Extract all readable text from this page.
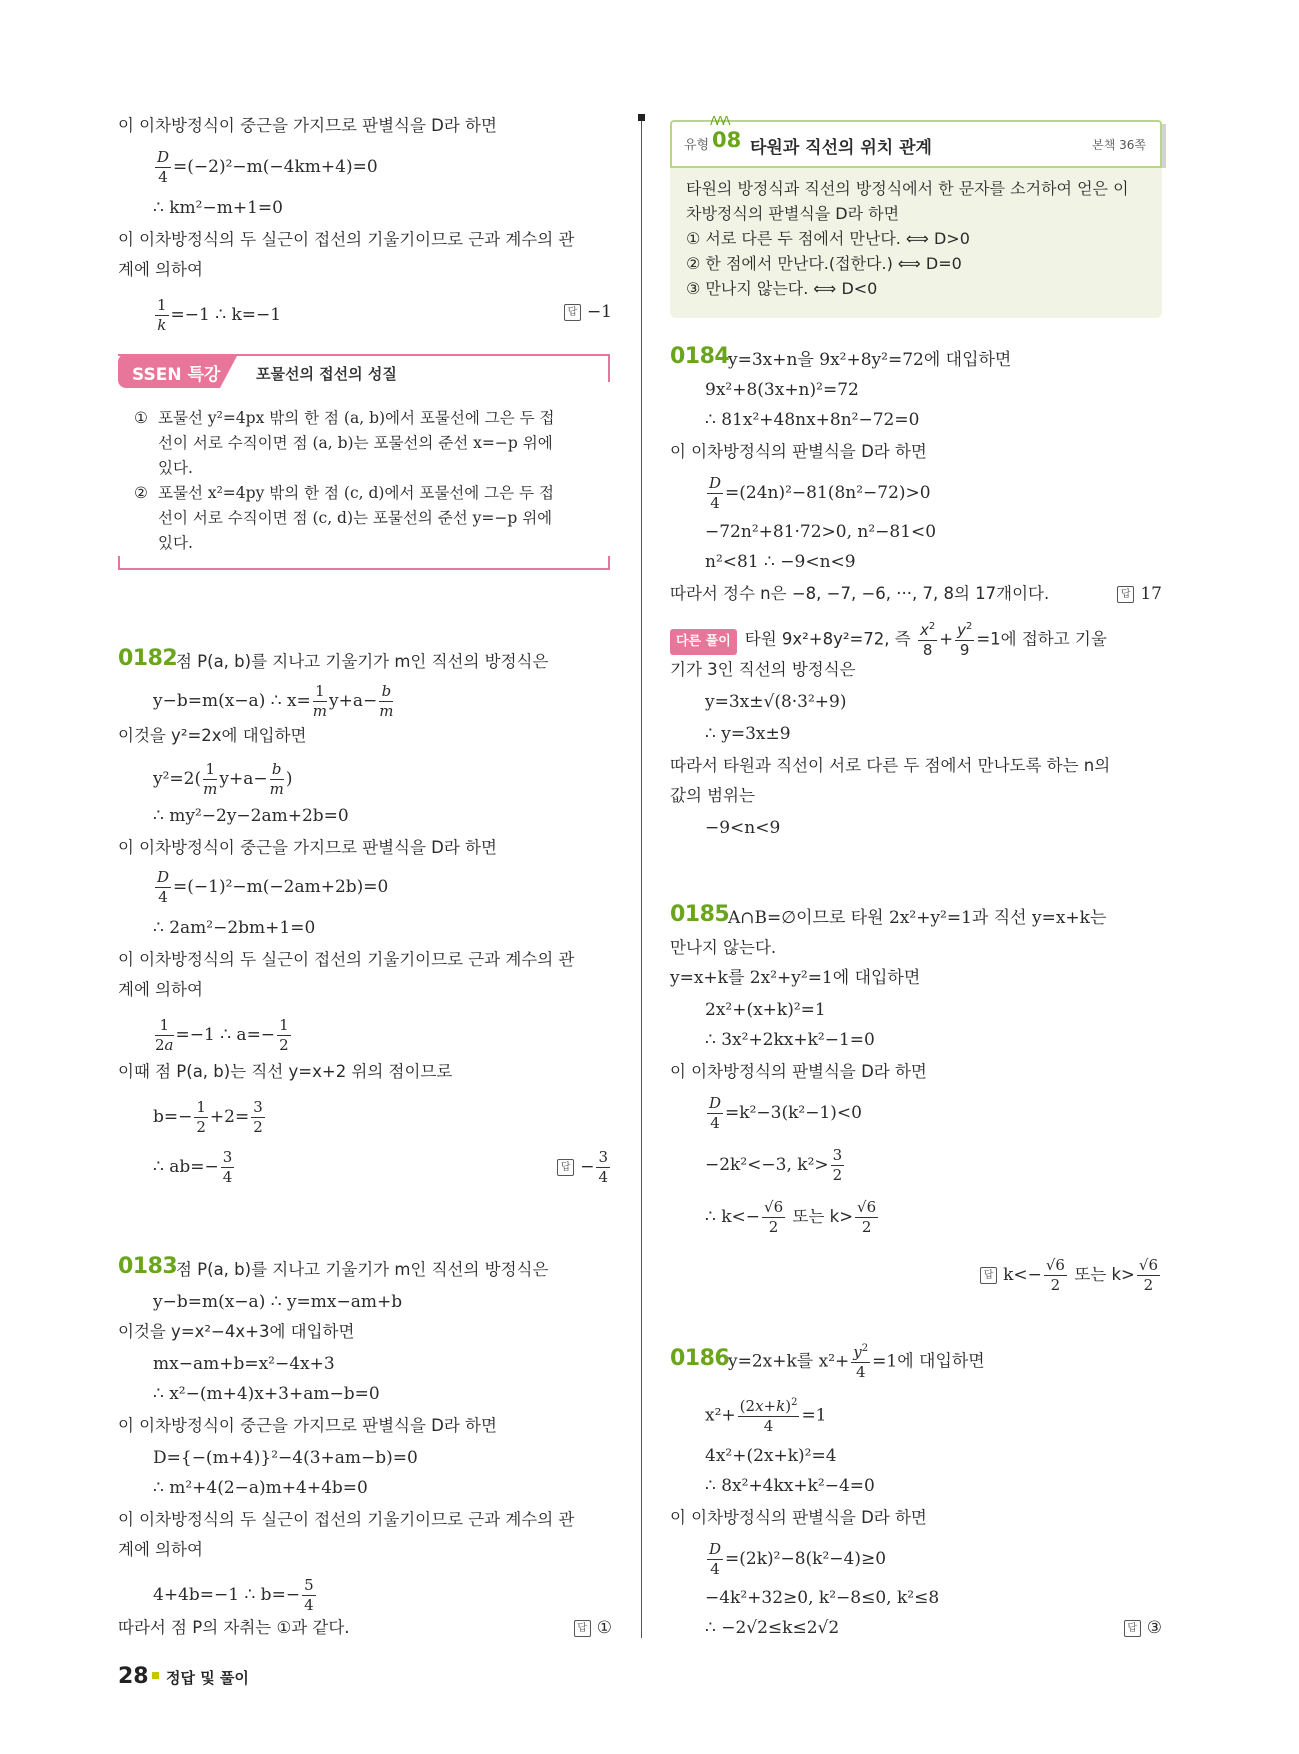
이 이차방정식이 중근을 가지므로 판별식을 D라 하면
$\frac{D}{4} =(-2)^2-m(-4km+4)=0$
∴ km²−m+1=0
이 이차방정식의 두 실근이 접선의 기울기이므로 근과 계수의 관
계에 의하여
$\frac{1}{k} =-1$ ∴ k=−1	답 −1
SSEN 특강 포물선의 접선의 성질
① 포물선 y²=4px 밖의 한 점 (a, b)에서 포물선에 그은 두 접
선이 서로 수직이면 점 (a, b)는 포물선의 준선 x=−p 위에
있다.
② 포물선 x²=4py 밖의 한 점 (c, d)에서 포물선에 그은 두 접
선이 서로 수직이면 점 (c, d)는 포물선의 준선 y=−p 위에
있다.
0182
점 P(a, b)를 지나고 기울기가 m인 직선의 방정식은
y−b=m(x−a) ∴ $x= \frac{1}{m} y+a- \frac{b}{m}$
이것을 y²=2x에 대입하면
$y^2=2( \frac{1}{m} y+a- \frac{b}{m}$ )
∴ my²−2y−2am+2b=0
이 이차방정식이 중근을 가지므로 판별식을 D라 하면
$\frac{D}{4} =(-1)^2-m(-2am+2b)=0$
∴ 2am²−2bm+1=0
이 이차방정식의 두 실근이 접선의 기울기이므로 근과 계수의 관
계에 의하여
$\frac{1}{2a} =-1$ ∴ $a=- \frac{1}{2}$
이때 점 P(a, b)는 직선 y=x+2 위의 점이므로
$b=- \frac{1}{2} +2= \frac{3}{2}$
∴ $ab=- \frac{3}{4}$	답 − $\frac{3}{4}$
0183
점 P(a, b)를 지나고 기울기가 m인 직선의 방정식은
y−b=m(x−a) ∴ y=mx−am+b
이것을 y=x²−4x+3에 대입하면
mx−am+b=x²−4x+3
∴ x²−(m+4)x+3+am−b=0
이 이차방정식이 중근을 가지므로 판별식을 D라 하면
D={−(m+4)}²−4(3+am−b)=0
∴ m²+4(2−a)m+4+4b=0
이 이차방정식의 두 실근이 접선의 기울기이므로 근과 계수의 관
계에 의하여
4+4b=−1 ∴ $b=- \frac{5}{4}$
따라서 점 P의 자취는 ①과 같다.	답 ①
ᐱᐱᐱ
유형 08 타원과 직선의 위치 관계	본책 36쪽
타원의 방정식과 직선의 방정식에서 한 문자를 소거하여 얻은 이
차방정식의 판별식을 D라 하면
① 서로 다른 두 점에서 만난다. ⟺ D>0
② 한 점에서 만난다.(접한다.) ⟺ D=0
③ 만나지 않는다. ⟺ D<0
0184
y=3x+n을 9x²+8y²=72에 대입하면
9x²+8(3x+n)²=72
∴ 81x²+48nx+8n²−72=0
이 이차방정식의 판별식을 D라 하면
$\frac{D}{4} =(24n)^2-81(8n^2-72)>0$
−72n²+81·72>0, n²−81<0
n²<81 ∴ −9<n<9
따라서 정수 n은 −8, −7, −6, ···, 7, 8의 17개이다.	답 17
다른 풀이 타원 9x²+8y²=72, 즉 $\frac{x^2}{8} + \frac{y^2}{9} =1$에 접하고 기울
기가 3인 직선의 방정식은
y=3x±√(8·3²+9)
∴ y=3x±9
따라서 타원과 직선이 서로 다른 두 점에서 만나도록 하는 n의
값의 범위는
−9<n<9
0185
A∩B=∅이므로 타원 2x²+y²=1과 직선 y=x+k는
만나지 않는다.
y=x+k를 2x²+y²=1에 대입하면
2x²+(x+k)²=1
∴ 3x²+2kx+k²−1=0
이 이차방정식의 판별식을 D라 하면
$\frac{D}{4} =k^2-3(k^2-1)<0$
−2k²<−3, $k^2> \frac{3}{2}$
∴ $k<- \frac{√6}{2}$ 또는 $k> \frac{√6}{2}$
답 $k<- \frac{√6}{2}$ 또는 $k> \frac{√6}{2}$
0186
y=2x+k를 $x^2+ \frac{y^2}{4} =1$에 대입하면
$x^2+ \frac{(2x+k)^2}{4} =1$
4x²+(2x+k)²=4
∴ 8x²+4kx+k²−4=0
이 이차방정식의 판별식을 D라 하면
$\frac{D}{4} =(2k)^2-8(k^2-4)\ge 0$
−4k²+32≥0, k²−8≤0, k²≤8
∴ −2√2≤k≤2√2	답 ③
28 정답 및 풀이
